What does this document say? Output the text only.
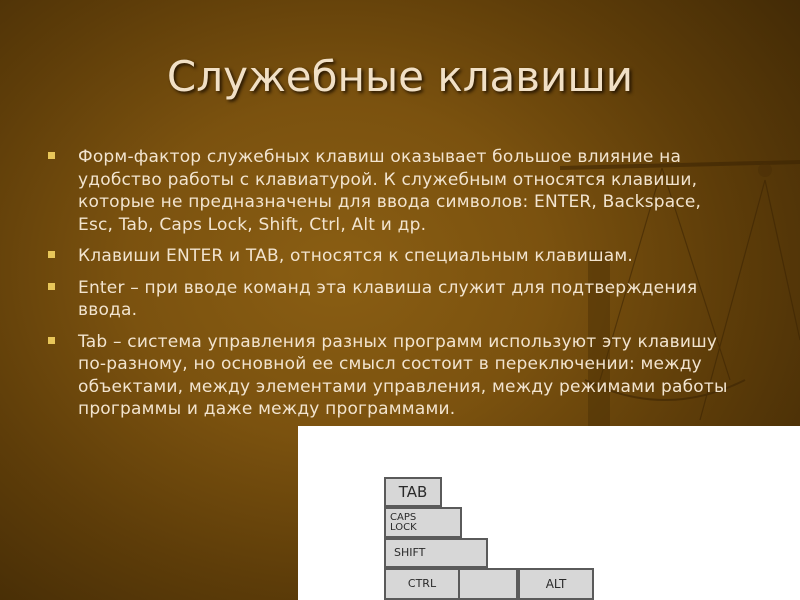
Служебные клавиши
Форм-фактор служебных клавиш оказывает большое влияние на удобство работы с клавиатурой. К служебным относятся клавиши, которые не предназначены для ввода символов: ENTER, Backspace, Esc, Tab, Caps Lock, Shift, Ctrl, Alt и др.
Клавиши ENTER и TAB, относятся к специальным клавишам.
Enter – при вводе команд эта клавиша служит для подтверждения ввода.
Tab – система управления разных программ используют эту клавишу по-разному, но основной ее смысл состоит в переключении: между объектами, между элементами управления, между режимами работы программы и даже между программами.
TAB
CAPS LOCK
SHIFT
CTRL	ALT
